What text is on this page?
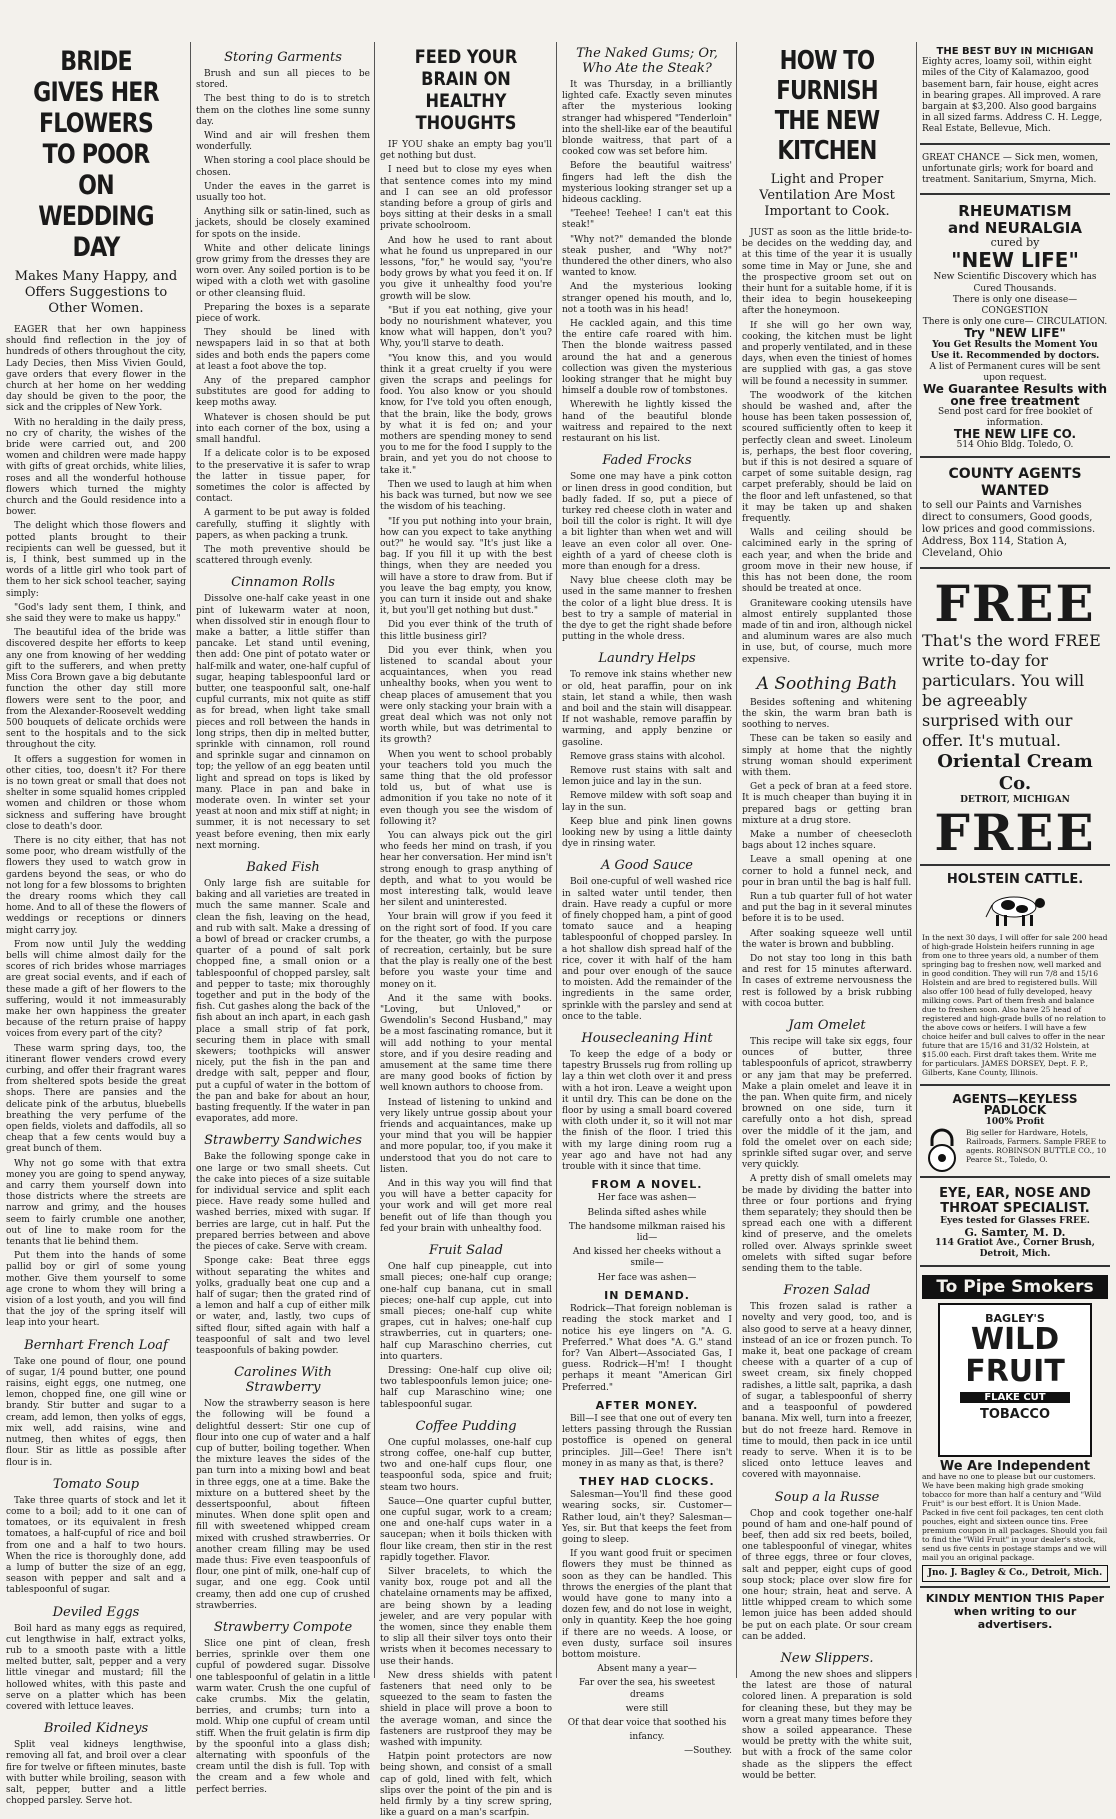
BRIDE GIVES HER FLOWERS TO POOR ON WEDDING DAY
Makes Many Happy, and Offers Suggestions to Other Women.

EAGER that her own happiness should find reflection in the joy of hundreds of others throughout the city, Lady Decies, then Miss Vivien Gould, gave orders that every flower in the church at her home on her wedding day should be given to the poor, the sick and the cripples of New York.

With no heralding in the daily press, no cry of charity, the wishes of the bride were carried out, and 200 women and children were made happy with gifts of great orchids, white lilies, roses and all the wonderful hothouse flowers which turned the mighty church and the Gould residence into a bower.

The delight which those flowers and potted plants brought to their recipients can well be guessed, but it is, I think, best summed up in the words of a little girl who took part of them to her sick school teacher, saying simply:

"God's lady sent them, I think, and she said they were to make us happy."

The beautiful idea of the bride was discovered despite her efforts to keep any one from knowing of her wedding gift to the sufferers, and when pretty Miss Cora Brown gave a big debutante function the other day still more flowers were sent to the poor, and from the Alexander-Roosevelt wedding 500 bouquets of delicate orchids were sent to the hospitals and to the sick throughout the city.

It offers a suggestion for women in other cities, too, doesn't it? For there is no town great or small that does not shelter in some squalid homes crippled women and children or those whom sickness and suffering have brought close to death's door.

There is no city either, that has not some poor, who dream wistfully of the flowers they used to watch grow in gardens beyond the seas, or who do not long for a few blossoms to brighten the dreary rooms which they call home. And to all of these the flowers of weddings or receptions or dinners might carry joy.

From now until July the wedding bells will chime almost daily for the scores of rich brides whose marriages are great social events, and if each of these made a gift of her flowers to the suffering, would it not immeasurably make her own happiness the greater because of the return praise of happy voices from every part of the city?

These warm spring days, too, the itinerant flower venders crowd every curbing, and offer their fragrant wares from sheltered spots beside the great shops. There are pansies and the delicate pink of the arbutus, bluebells breathing the very perfume of the open fields, violets and daffodils, all so cheap that a few cents would buy a great bunch of them.

Why not go some with that extra money you are going to spend anyway, and carry them yourself down into those districts where the streets are narrow and grimy, and the houses seem to fairly crumble one another, out of line to make room for the tenants that lie behind them.

Put them into the hands of some pallid boy or girl of some young mother. Give them yourself to some age crone to whom they will bring a vision of a lost youth, and you will find that the joy of the spring itself will leap into your heart.

Bernhart French Loaf

Take one pound of flour, one pound of sugar, 1/4 pound butter, one pound raisins, eight eggs, one nutmeg, one lemon, chopped fine, one gill wine or brandy. Stir butter and sugar to a cream, add lemon, then yolks of eggs, mix well, add raisins, wine and nutmeg, then whites of eggs, then flour. Stir as little as possible after flour is in.

Tomato Soup

Take three quarts of stock and let it come to a boil; add to it one can of tomatoes, or its equivalent in fresh tomatoes, a half-cupful of rice and boil from one and a half to two hours. When the rice is thoroughly done, add a lump of butter the size of an egg, season with pepper and salt and a tablespoonful of sugar.

Deviled Eggs

Boil hard as many eggs as required, cut lengthwise in half, extract yolks, rub to a smooth paste with a little melted butter, salt, pepper and a very little vinegar and mustard; fill the hollowed whites, with this paste and serve on a platter which has been covered with lettuce leaves.

Broiled Kidneys

Split veal kidneys lengthwise, removing all fat, and broil over a clear fire for twelve or fifteen minutes, baste with butter while broiling, season with salt, pepper, butter and a little chopped parsley. Serve hot.

Storing Garments

Brush and sun all pieces to be stored.

The best thing to do is to stretch them on the clothes line some sunny day.

Wind and air will freshen them wonderfully.

When storing a cool place should be chosen.

Under the eaves in the garret is usually too hot.

Anything silk or satin-lined, such as jackets, should be closely examined for spots on the inside.

White and other delicate linings grow grimy from the dresses they are worn over. Any soiled portion is to be wiped with a cloth wet with gasoline or other cleansing fluid.

Preparing the boxes is a separate piece of work.

They should be lined with newspapers laid in so that at both sides and both ends the papers come at least a foot above the top.

Any of the prepared camphor substitutes are good for adding to keep moths away.

Whatever is chosen should be put into each corner of the box, using a small handful.

If a delicate color is to be exposed to the preservative it is safer to wrap the latter in tissue paper, for sometimes the color is affected by contact.

A garment to be put away is folded carefully, stuffing it slightly with papers, as when packing a trunk.

The moth preventive should be scattered through evenly.

Cinnamon Rolls

Dissolve one-half cake yeast in one pint of lukewarm water at noon, when dissolved stir in enough flour to make a batter, a little stiffer than pancake. Let stand until evening, then add: One pint of potato water or half-milk and water, one-half cupful of sugar, heaping tablespoonful lard or butter, one teaspoonful salt, one-half cupful currants, mix not quite as stiff as for bread, when light take small pieces and roll between the hands in long strips, then dip in melted butter, sprinkle with cinnamon, roll round and sprinkle sugar and cinnamon on top; the yellow of an egg beaten until light and spread on tops is liked by many. Place in pan and bake in moderate oven. In winter set your yeast at noon and mix stiff at night; in summer, it is not necessary to set yeast before evening, then mix early next morning.

Baked Fish

Only large fish are suitable for baking and all varieties are treated in much the same manner. Scale and clean the fish, leaving on the head, and rub with salt. Make a dressing of a bowl of bread or cracker crumbs, a quarter of a pound of salt pork chopped fine, a small onion or a tablespoonful of chopped parsley, salt and pepper to taste; mix thoroughly together and put in the body of the fish. Cut gashes along the back of the fish about an inch apart, in each gash place a small strip of fat pork, securing them in place with small skewers; toothpicks will answer nicely, put the fish in the pan and dredge with salt, pepper and flour, put a cupful of water in the bottom of the pan and bake for about an hour, basting frequently. If the water in pan evaporates, add more.

Strawberry Sandwiches

Bake the following sponge cake in one large or two small sheets. Cut the cake into pieces of a size suitable for individual service and split each piece. Have ready some hulled and washed berries, mixed with sugar. If berries are large, cut in half. Put the prepared berries between and above the pieces of cake. Serve with cream.

Sponge cake: Beat three eggs without separating the whites and yolks, gradually beat one cup and a half of sugar; then the grated rind of a lemon and half a cup of either milk or water, and, lastly, two cups of sifted flour, sifted again with half a teaspoonful of salt and two level teaspoonfuls of baking powder.

Carolines With Strawberry

Now the strawberry season is here the following will be found a delightful dessert: Stir one cup of flour into one cup of water and a half cup of butter, boiling together. When the mixture leaves the sides of the pan turn into a mixing bowl and beat in three eggs, one at a time. Bake the mixture on a buttered sheet by the dessertspoonful, about fifteen minutes. When done split open and fill with sweetened whipped cream mixed with crushed strawberries. Or another cream filling may be used made thus: Five even teaspoonfuls of flour, one pint of milk, one-half cup of sugar, and one egg. Cook until creamy, then add one cup of crushed strawberries.

Strawberry Compote

Slice one pint of clean, fresh berries, sprinkle over them one cupful of powdered sugar. Dissolve one tablespoonful of gelatin in a little warm water. Crush the one cupful of cake crumbs. Mix the gelatin, berries, and crumbs; turn into a mold. Whip one cupful of cream until stiff. When the fruit gelatin is firm dip by the spoonful into a glass dish; alternating with spoonfuls of the cream until the dish is full. Top with the cream and a few whole and perfect berries.

FEED YOUR BRAIN ON HEALTHY THOUGHTS

IF YOU shake an empty bag you'll get nothing but dust.

I need but to close my eyes when that sentence comes into my mind and I can see an old professor standing before a group of girls and boys sitting at their desks in a small private schoolroom.

And how he used to rant about what he found us unprepared in our lessons, "for," he would say, "you're body grows by what you feed it on. If you give it unhealthy food you're growth will be slow.

"But if you eat nothing, give your body no nourishment whatever, you know what will happen, don't you? Why, you'll starve to death.

"You know this, and you would think it a great cruelty if you were given the scraps and peelings for food. You also know or you should know, for I've told you often enough, that the brain, like the body, grows by what it is fed on; and your mothers are spending money to send you to me for the food I supply to the brain, and yet you do not choose to take it."

Then we used to laugh at him when his back was turned, but now we see the wisdom of his teaching.

"If you put nothing into your brain, how can you expect to take anything out?" he would say. "It's just like a bag. If you fill it up with the best things, when they are needed you will have a store to draw from. But if you leave the bag empty, you know, you can turn it inside out and shake it, but you'll get nothing but dust."

Did you ever think of the truth of this little business girl?

Did you ever think, when you listened to scandal about your acquaintances, when you read unhealthy books, when you went to cheap places of amusement that you were only stacking your brain with a great deal which was not only not worth while, but was detrimental to its growth?

When you went to school probably your teachers told you much the same thing that the old professor told us, but of what use is admonition if you take no note of it even though you see the wisdom of following it?

You can always pick out the girl who feeds her mind on trash, if you hear her conversation. Her mind isn't strong enough to grasp anything of depth, and what to you would be most interesting talk, would leave her silent and uninterested.

Your brain will grow if you feed it on the right sort of food. If you care for the theater, go with the purpose of recreation, certainly, but be sure that the play is really one of the best before you waste your time and money on it.

And it the same with books. "Loving, but Unloved," or Gwendolin's Second Husband," may be a most fascinating romance, but it will add nothing to your mental store, and if you desire reading and amusement at the same time there are many good books of fiction by well known authors to choose from.

Instead of listening to unkind and very likely untrue gossip about your friends and acquaintances, make up your mind that you will be happier and more popular, too, if you make it understood that you do not care to listen.

And in this way you will find that you will have a better capacity for your work and will get more real benefit out of life than though you fed your brain with unhealthy food.

Fruit Salad

One half cup pineapple, cut into small pieces; one-half cup orange; one-half cup banana, cut in small pieces; one-half cup apple, cut into small pieces; one-half cup white grapes, cut in halves; one-half cup strawberries, cut in quarters; one-half cup Maraschino cherries, cut into quarters.

Dressing: One-half cup olive oil; two tablespoonfuls lemon juice; one-half cup Maraschino wine; one tablespoonful sugar.

Coffee Pudding

One cupful molasses, one-half cup strong coffee, one-half cup butter, two and one-half cups flour, one teaspoonful soda, spice and fruit; steam two hours.

Sauce—One quarter cupful butter, one cupful sugar, work to a cream; one and one-half cups water in a saucepan; when it boils thicken with flour like cream, then stir in the rest rapidly together. Flavor.

Silver bracelets, to which the vanity box, rouge pot and all the chatelaine ornaments may be affixed, are being shown by a leading jeweler, and are very popular with the women, since they enable them to slip all their silver toys onto their wrists when it becomes necessary to use their hands.

New dress shields with patent fasteners that need only to be squeezed to the seam to fasten the shield in place will prove a boon to the average woman, and since the fasteners are rustproof they may be washed with impunity.

Hatpin point protectors are now being shown, and consist of a small cap of gold, lined with felt, which slips over the point of the pin and is held firmly by a tiny screw spring, like a guard on a man's scarfpin.

The Naked Gums; Or,
Who Ate the Steak?

It was Thursday, in a brilliantly lighted cafe. Exactly seven minutes after the mysterious looking stranger had whispered "Tenderloin" into the shell-like ear of the beautiful blonde waitress, that part of a cooked cow was set before him.

Before the beautiful waitress' fingers had left the dish the mysterious looking stranger set up a hideous cackling.

"Teehee! Teehee! I can't eat this steak!"

"Why not?" demanded the blonde steak pusher, and "Why not?" thundered the other diners, who also wanted to know.

And the mysterious looking stranger opened his mouth, and lo, not a tooth was in his head!

He cackled again, and this time the entire cafe roared with him. Then the blonde waitress passed around the hat and a generous collection was given the mysterious looking stranger that he might buy himself a double row of tombstones.

Wherewith he lightly kissed the hand of the beautiful blonde waitress and repaired to the next restaurant on his list.

Faded Frocks

Some one may have a pink cotton or linen dress in good condition, but badly faded. If so, put a piece of turkey red cheese cloth in water and boil till the color is right. It will dye a bit lighter than when wet and will leave an even color all over. One-eighth of a yard of cheese cloth is more than enough for a dress.

Navy blue cheese cloth may be used in the same manner to freshen the color of a light blue dress. It is best to try a sample of material in the dye to get the right shade before putting in the whole dress.

Laundry Helps

To remove ink stains whether new or old, heat paraffin, pour on ink stain, let stand a while, then wash and boil and the stain will disappear. If not washable, remove paraffin by warming, and apply benzine or gasoline.

Remove grass stains with alcohol.

Remove rust stains with salt and lemon juice and lay in the sun.

Remove mildew with soft soap and lay in the sun.

Keep blue and pink linen gowns looking new by using a little dainty dye in rinsing water.

A Good Sauce

Boil one-cupful of well washed rice in salted water until tender, then drain. Have ready a cupful or more of finely chopped ham, a pint of good tomato sauce and a heaping tablespoonful of chopped parsley. In a hot shallow dish spread half of the rice, cover it with half of the ham and pour over enough of the sauce to moisten. Add the remainder of the ingredients in the same order, sprinkle with the parsley and send at once to the table.

Housecleaning Hint

To keep the edge of a body or tapestry Brussels rug from rolling up lay a thin wet cloth over it and press with a hot iron. Leave a weight upon it until dry. This can be done on the floor by using a small board covered with cloth under it, so it will not mar the finish of the floor. I tried this with my large dining room rug a year ago and have not had any trouble with it since that time.

FROM A NOVEL.

Her face was ashen—

Belinda sifted ashes while

The handsome milkman raised his lid—

And kissed her cheeks without a smile—

Her face was ashen—

IN DEMAND.

Rodrick—That foreign nobleman is reading the stock market and I notice his eye lingers on "A. G. Preferred." What does "A. G." stand for? Van Albert—Associated Gas, I guess. Rodrick—H'm! I thought perhaps it meant "American Girl Preferred."

AFTER MONEY.

Bill—I see that one out of every ten letters passing through the Russian postoffice is opened on general principles. Jill—Gee! There isn't money in as many as that, is there?

THEY HAD CLOCKS.

Salesman—You'll find these good wearing socks, sir. Customer—Rather loud, ain't they? Salesman—Yes, sir. But that keeps the feet from going to sleep.

If you want good fruit or specimen flowers they must be thinned as soon as they can be handled. This throws the energies of the plant that would have gone to many into a dozen few, and do not lose in weight, only in quantity. Keep the hoe going if there are no weeds. A loose, or even dusty, surface soil insures bottom moisture.

Absent many a year—

Far over the sea, his sweetest dreams

were still

Of that dear voice that soothed his

infancy.

—Southey.

HOW TO FURNISH THE NEW KITCHEN
Light and Proper Ventilation Are Most Important to Cook.

JUST as soon as the little bride-to-be decides on the wedding day, and at this time of the year it is usually some time in May or June, she and the prospective groom set out on their hunt for a suitable home, if it is their idea to begin housekeeping after the honeymoon.

If she will go her own way, cooking, the kitchen must be light and properly ventilated, and in these days, when even the tiniest of homes are supplied with gas, a gas stove will be found a necessity in summer.

The woodwork of the kitchen should be washed and, after the house has been taken possession of, scoured sufficiently often to keep it perfectly clean and sweet. Linoleum is, perhaps, the best floor covering, but if this is not desired a square of carpet of some suitable design, rag carpet preferably, should be laid on the floor and left unfastened, so that it may be taken up and shaken frequently.

Walls and ceiling should be calcimined early in the spring of each year, and when the bride and groom move in their new house, if this has not been done, the room should be treated at once.

Graniteware cooking utensils have almost entirely supplanted those made of tin and iron, although nickel and aluminum wares are also much in use, but, of course, much more expensive.

A Soothing Bath

Besides softening and whitening the skin, the warm bran bath is soothing to nerves.

These can be taken so easily and simply at home that the nightly strung woman should experiment with them.

Get a peck of bran at a feed store. It is much cheaper than buying it in prepared bags or getting bran mixture at a drug store.

Make a number of cheesecloth bags about 12 inches square.

Leave a small opening at one corner to hold a funnel neck, and pour in bran until the bag is half full.

Run a tub quarter full of hot water and put the bag in it several minutes before it is to be used.

After soaking squeeze well until the water is brown and bubbling.

Do not stay too long in this bath and rest for 15 minutes afterward. In cases of extreme nervousness the rest is followed by a brisk rubbing with cocoa butter.

Jam Omelet

This recipe will take six eggs, four ounces of butter, three tablespoonfuls of apricot, strawberry or any jam that may be preferred. Make a plain omelet and leave it in the pan. When quite firm, and nicely browned on one side, turn it carefully onto a hot dish, spread over the middle of it the jam, and fold the omelet over on each side; sprinkle sifted sugar over, and serve very quickly.

A pretty dish of small omelets may be made by dividing the batter into three or four portions and frying them separately; they should then be spread each one with a different kind of preserve, and the omelets rolled over. Always sprinkle sweet omelets with sifted sugar before sending them to the table.

Frozen Salad

This frozen salad is rather a novelty and very good, too, and is also good to serve at a heavy dinner, instead of an ice or frozen punch. To make it, beat one package of cream cheese with a quarter of a cup of sweet cream, six finely chopped radishes, a little salt, paprika, a dash of sugar, a tablespoonful of sherry and a teaspoonful of powdered banana. Mix well, turn into a freezer, but do not freeze hard. Remove in time to mould, then pack in ice until ready to serve. When it is to be sliced onto lettuce leaves and covered with mayonnaise.

Soup a la Russe

Chop and cook together one-half pound of ham and one-half pound of beef, then add six red beets, boiled, one tablespoonful of vinegar, whites of three eggs, three or four cloves, salt and pepper, eight cups of good soup stock; place over slow fire for one hour; strain, heat and serve. A little whipped cream to which some lemon juice has been added should be put on each plate. Or sour cream can be added.

New Slippers.

Among the new shoes and slippers the latest are those of natural colored linen. A preparation is sold for cleaning these, but they may be worn a great many times before they show a soiled appearance. These would be pretty with the white suit, but with a frock of the same color shade as the slippers the effect would be better.

THE BEST BUY IN MICHIGAN

Eighty acres, loamy soil, within eight miles of the City of Kalamazoo, good basement barn, fair house, eight acres in bearing grapes. All improved. A rare bargain at $3,200. Also good bargains in all sized farms. Address C. H. Legge, Real Estate, Bellevue, Mich.

GREAT CHANCE — Sick men, women, unfortunate girls; work for board and treatment. Sanitarium, Smyrna, Mich.

RHEUMATISM
and NEURALGIA
cured by
"NEW LIFE"
New Scientific Discovery which has Cured Thousands.
There is only one disease— CONGESTION
There is only one cure— CIRCULATION.
Try "NEW LIFE"
You Get Results the Moment You Use it. Recommended by doctors.
A list of Permanent cures will be sent upon request.
We Guarantee Results with one free treatment
Send post card for free booklet of information.
THE NEW LIFE CO.
514 Ohio Bldg. Toledo, O.
COUNTY AGENTS WANTED

to sell our Paints and Varnishes direct to consumers, Good goods, low prices and good commissions. Address, Box 114, Station A, Cleveland, Ohio

FREE
That's the word FREE write to-day for particulars. You will be agreeably surprised with our offer. It's mutual.
Oriental Cream Co.
DETROIT, MICHIGAN
FREE
HOLSTEIN CATTLE.

In the next 30 days, I will offer for sale 200 head of high-grade Holstein heifers running in age from one to three years old, a number of them springing bag to freshen now, well marked and in good condition. They will run 7/8 and 15/16 Holstein and are bred to registered bulls. Will also offer 100 head of fully developed, heavy milking cows. Part of them fresh and balance due to freshen soon. Also have 25 head of registered and high-grade bulls of no relation to the above cows or heifers. I will have a few choice heifer and bull calves to offer in the near future that are 15/16 and 31/32 Holstein, at $15.00 each. First draft takes them. Write me for particulars. JAMES DORSEY, Dept. F. P., Gilberts, Kane County, Illinois.

AGENTS—KEYLESS PADLOCK
100% Profit

Big seller for Hardware, Hotels, Railroads, Farmers. Sample FREE to agents. ROBINSON BUTTLE CO., 10 Pearce St., Toledo, O.

EYE, EAR, NOSE AND THROAT SPECIALIST.
Eyes tested for Glasses FREE.
G. Samter, M. D.
114 Gratiot Ave., Corner Brush, Detroit, Mich.
To Pipe Smokers
BAGLEY'S
WILD
FRUIT
FLAKE CUT
TOBACCO
We Are Independent

and have no one to please but our customers. We have been making high grade smoking tobacco for more than half a century and "Wild Fruit" is our best effort. It is Union Made. Packed in five cent foil packages, ten cent cloth pouches, eight and sixteen ounce tins. Free premium coupon in all packages. Should you fail to find the "Wild Fruit" in your dealer's stock, send us five cents in postage stamps and we will mail you an original package.

Jno. J. Bagley & Co., Detroit, Mich.
KINDLY MENTION THIS Paper when writing to our advertisers.
